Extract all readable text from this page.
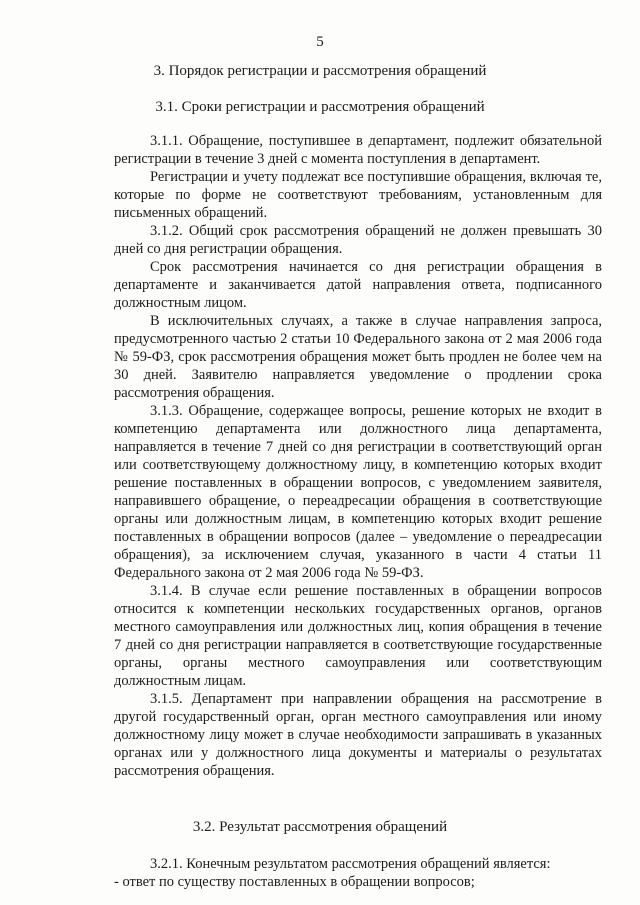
5
3. Порядок регистрации и рассмотрения обращений
3.1. Сроки регистрации и рассмотрения обращений

3.1.1. Обращение, поступившее в департамент, подлежит обязательной регистрации в течение 3 дней с момента поступления в департамент.

Регистрации и учету подлежат все поступившие обращения, включая те, которые по форме не соответствуют требованиям, установленным для письменных обращений.

3.1.2. Общий срок рассмотрения обращений не должен превышать 30 дней со дня регистрации обращения.

Срок рассмотрения начинается со дня регистрации обращения в департаменте и заканчивается датой направления ответа, подписанного должностным лицом.

В исключительных случаях, а также в случае направления запроса, предусмотренного частью 2 статьи 10 Федерального закона от 2 мая 2006 года № 59-ФЗ, срок рассмотрения обращения может быть продлен не более чем на 30 дней. Заявителю направляется уведомление о продлении срока рассмотрения обращения.

3.1.3. Обращение, содержащее вопросы, решение которых не входит в компетенцию департамента или должностного лица департамента, направляется в течение 7 дней со дня регистрации в соответствующий орган или соответствующему должностному лицу, в компетенцию которых входит решение поставленных в обращении вопросов, с уведомлением заявителя, направившего обращение, о переадресации обращения в соответствующие органы или должностным лицам, в компетенцию которых входит решение поставленных в обращении вопросов (далее – уведомление о переадресации обращения), за исключением случая, указанного в части 4 статьи 11 Федерального закона от 2 мая 2006 года № 59-ФЗ.

3.1.4. В случае если решение поставленных в обращении вопросов относится к компетенции нескольких государственных органов, органов местного самоуправления или должностных лиц, копия обращения в течение 7 дней со дня регистрации направляется в соответствующие государственные органы, органы местного самоуправления или соответствующим должностным лицам.

3.1.5. Департамент при направлении обращения на рассмотрение в другой государственный орган, орган местного самоуправления или иному должностному лицу может в случае необходимости запрашивать в указанных органах или у должностного лица документы и материалы о результатах рассмотрения обращения.

3.2. Результат рассмотрения обращений

3.2.1. Конечным результатом рассмотрения обращений является:

- ответ по существу поставленных в обращении вопросов;
